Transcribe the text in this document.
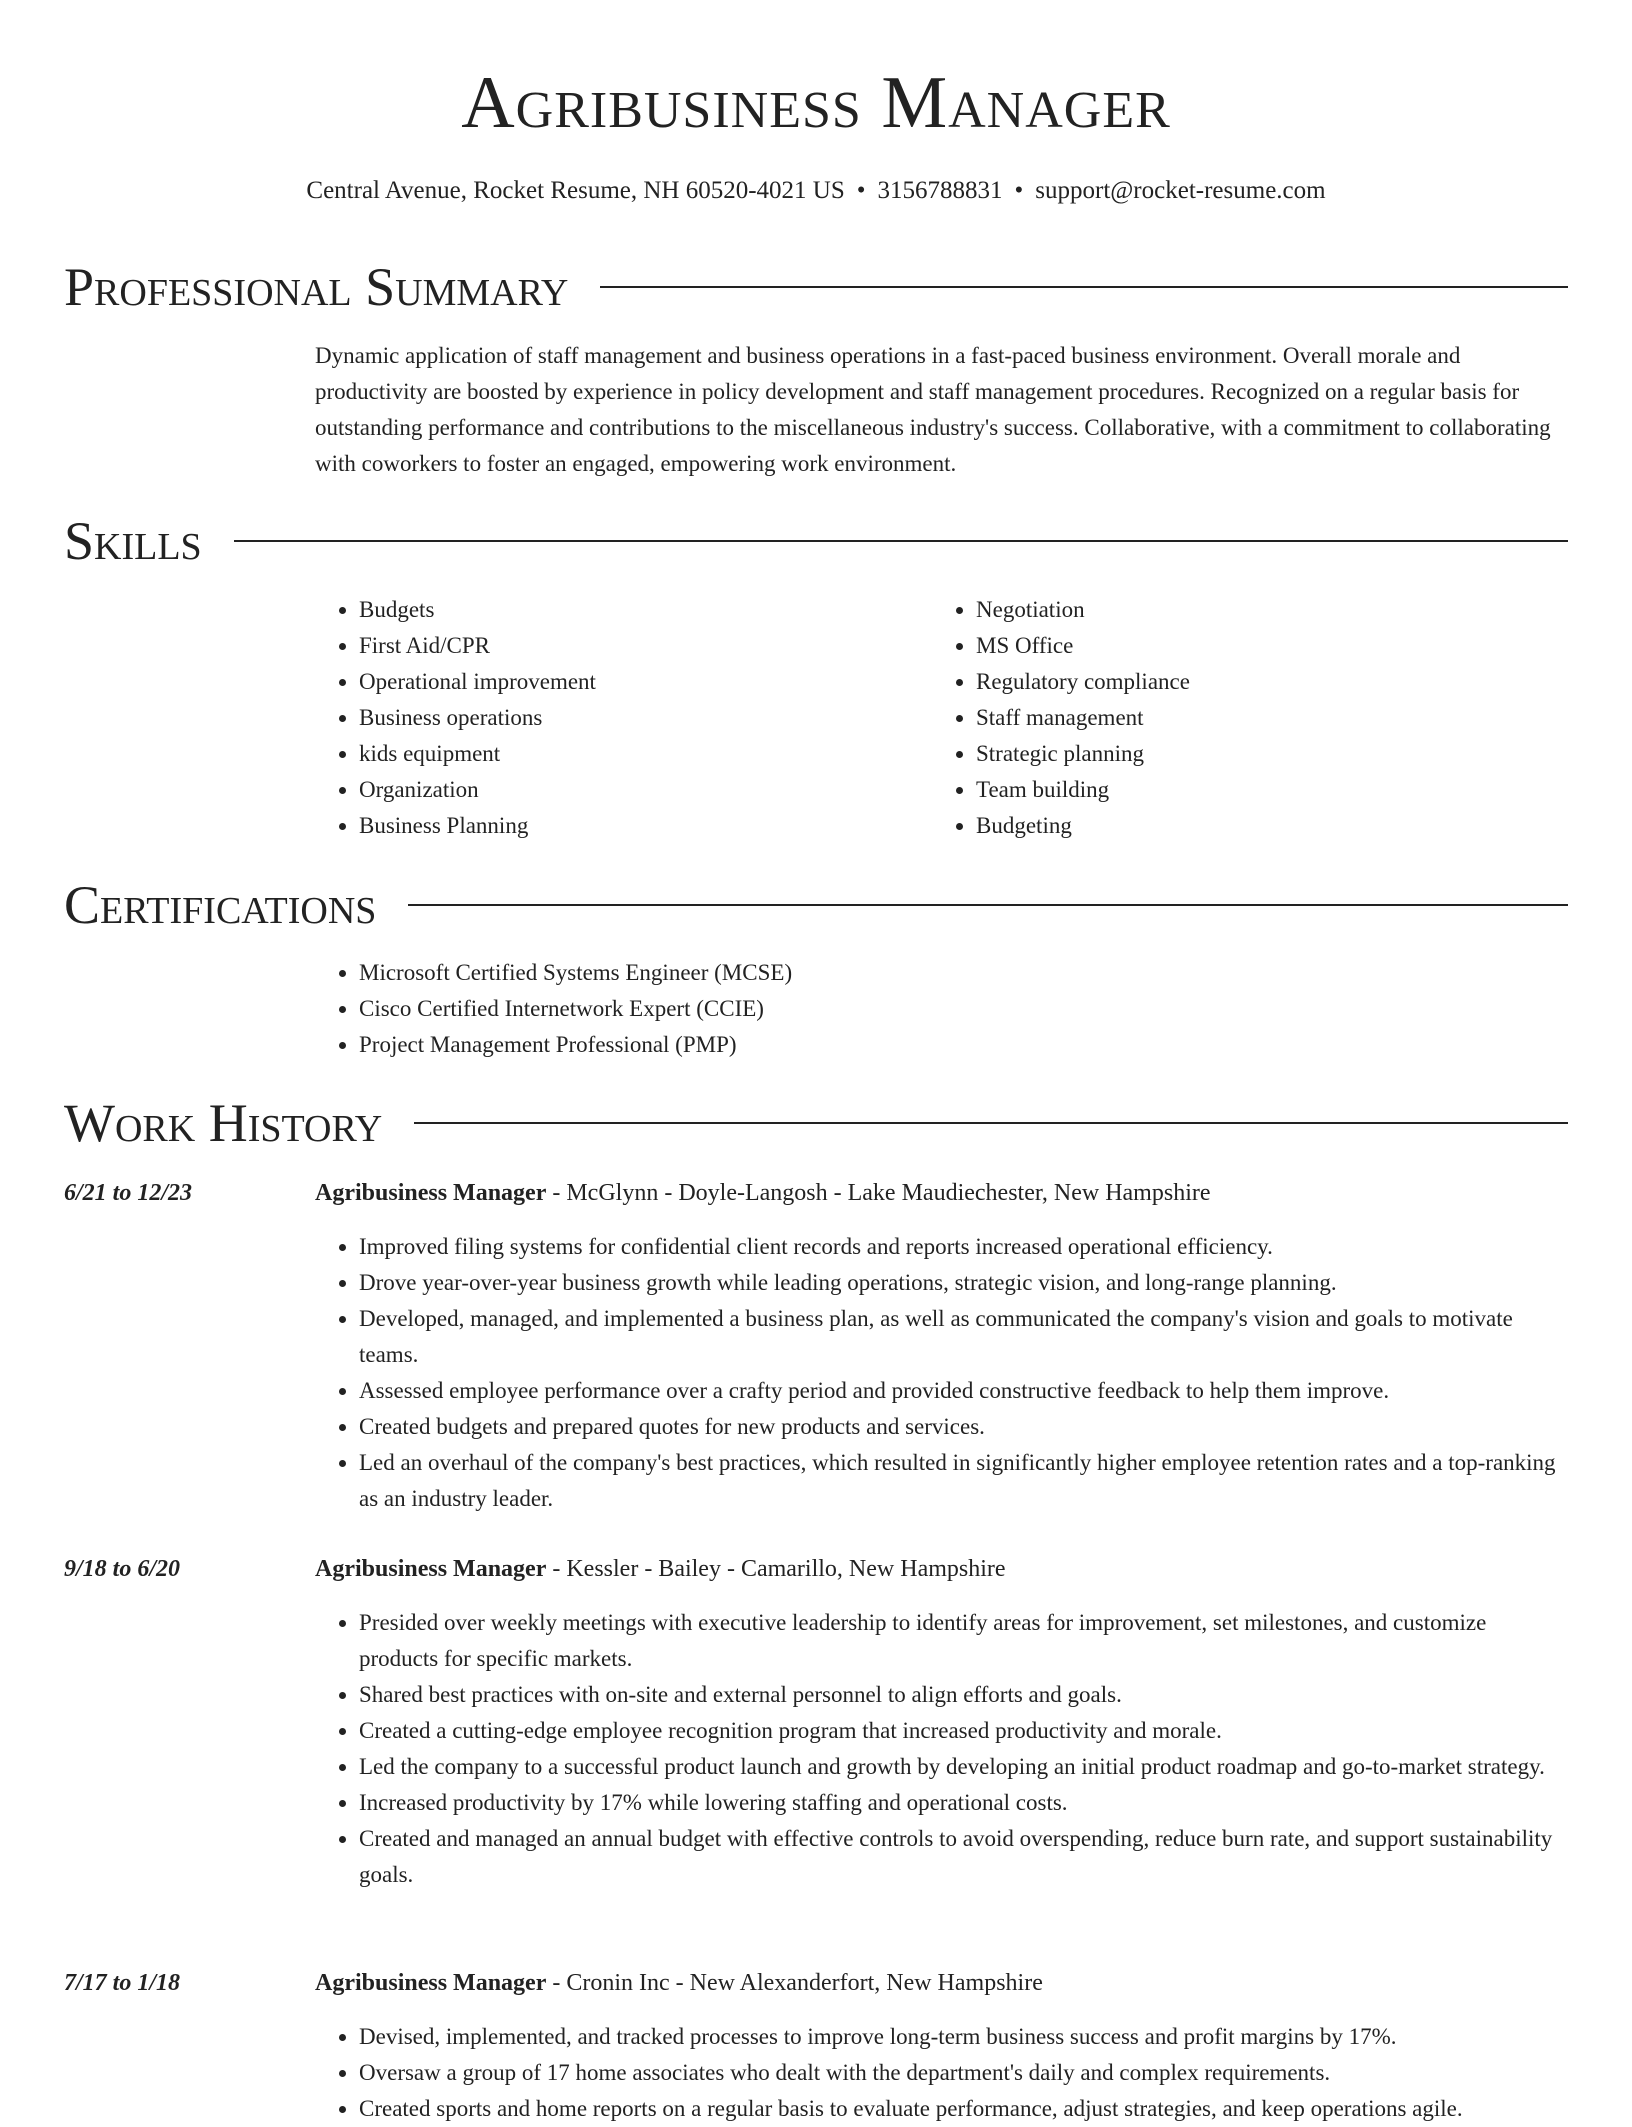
Agribusiness Manager
Central Avenue, Rocket Resume, NH 60520-4021 US • 3156788831 • support@rocket-resume.com
Professional Summary
Dynamic application of staff management and business operations in a fast-paced business environment. Overall morale and productivity are boosted by experience in policy development and staff management procedures. Recognized on a regular basis for outstanding performance and contributions to the miscellaneous industry's success. Collaborative, with a commitment to collaborating with coworkers to foster an engaged, empowering work environment.
Skills
• Budgets
• First Aid/CPR
• Operational improvement
• Business operations
• kids equipment
• Organization
• Business Planning
• Negotiation
• MS Office
• Regulatory compliance
• Staff management
• Strategic planning
• Team building
• Budgeting
Certifications
• Microsoft Certified Systems Engineer (MCSE)
• Cisco Certified Internetwork Expert (CCIE)
• Project Management Professional (PMP)
Work History
6/21 to 12/23	Agribusiness Manager - McGlynn - Doyle-Langosh - Lake Maudiechester, New Hampshire
• Improved filing systems for confidential client records and reports increased operational efficiency.
• Drove year-over-year business growth while leading operations, strategic vision, and long-range planning.
• Developed, managed, and implemented a business plan, as well as communicated the company's vision and goals to motivate teams.
• Assessed employee performance over a crafty period and provided constructive feedback to help them improve.
• Created budgets and prepared quotes for new products and services.
• Led an overhaul of the company's best practices, which resulted in significantly higher employee retention rates and a top-ranking as an industry leader.
9/18 to 6/20	Agribusiness Manager - Kessler - Bailey - Camarillo, New Hampshire
• Presided over weekly meetings with executive leadership to identify areas for improvement, set milestones, and customize products for specific markets.
• Shared best practices with on-site and external personnel to align efforts and goals.
• Created a cutting-edge employee recognition program that increased productivity and morale.
• Led the company to a successful product launch and growth by developing an initial product roadmap and go-to-market strategy.
• Increased productivity by 17% while lowering staffing and operational costs.
• Created and managed an annual budget with effective controls to avoid overspending, reduce burn rate, and support sustainability goals.
7/17 to 1/18	Agribusiness Manager - Cronin Inc - New Alexanderfort, New Hampshire
• Devised, implemented, and tracked processes to improve long-term business success and profit margins by 17%.
• Oversaw a group of 17 home associates who dealt with the department's daily and complex requirements.
• Created sports and home reports on a regular basis to evaluate performance, adjust strategies, and keep operations agile.
